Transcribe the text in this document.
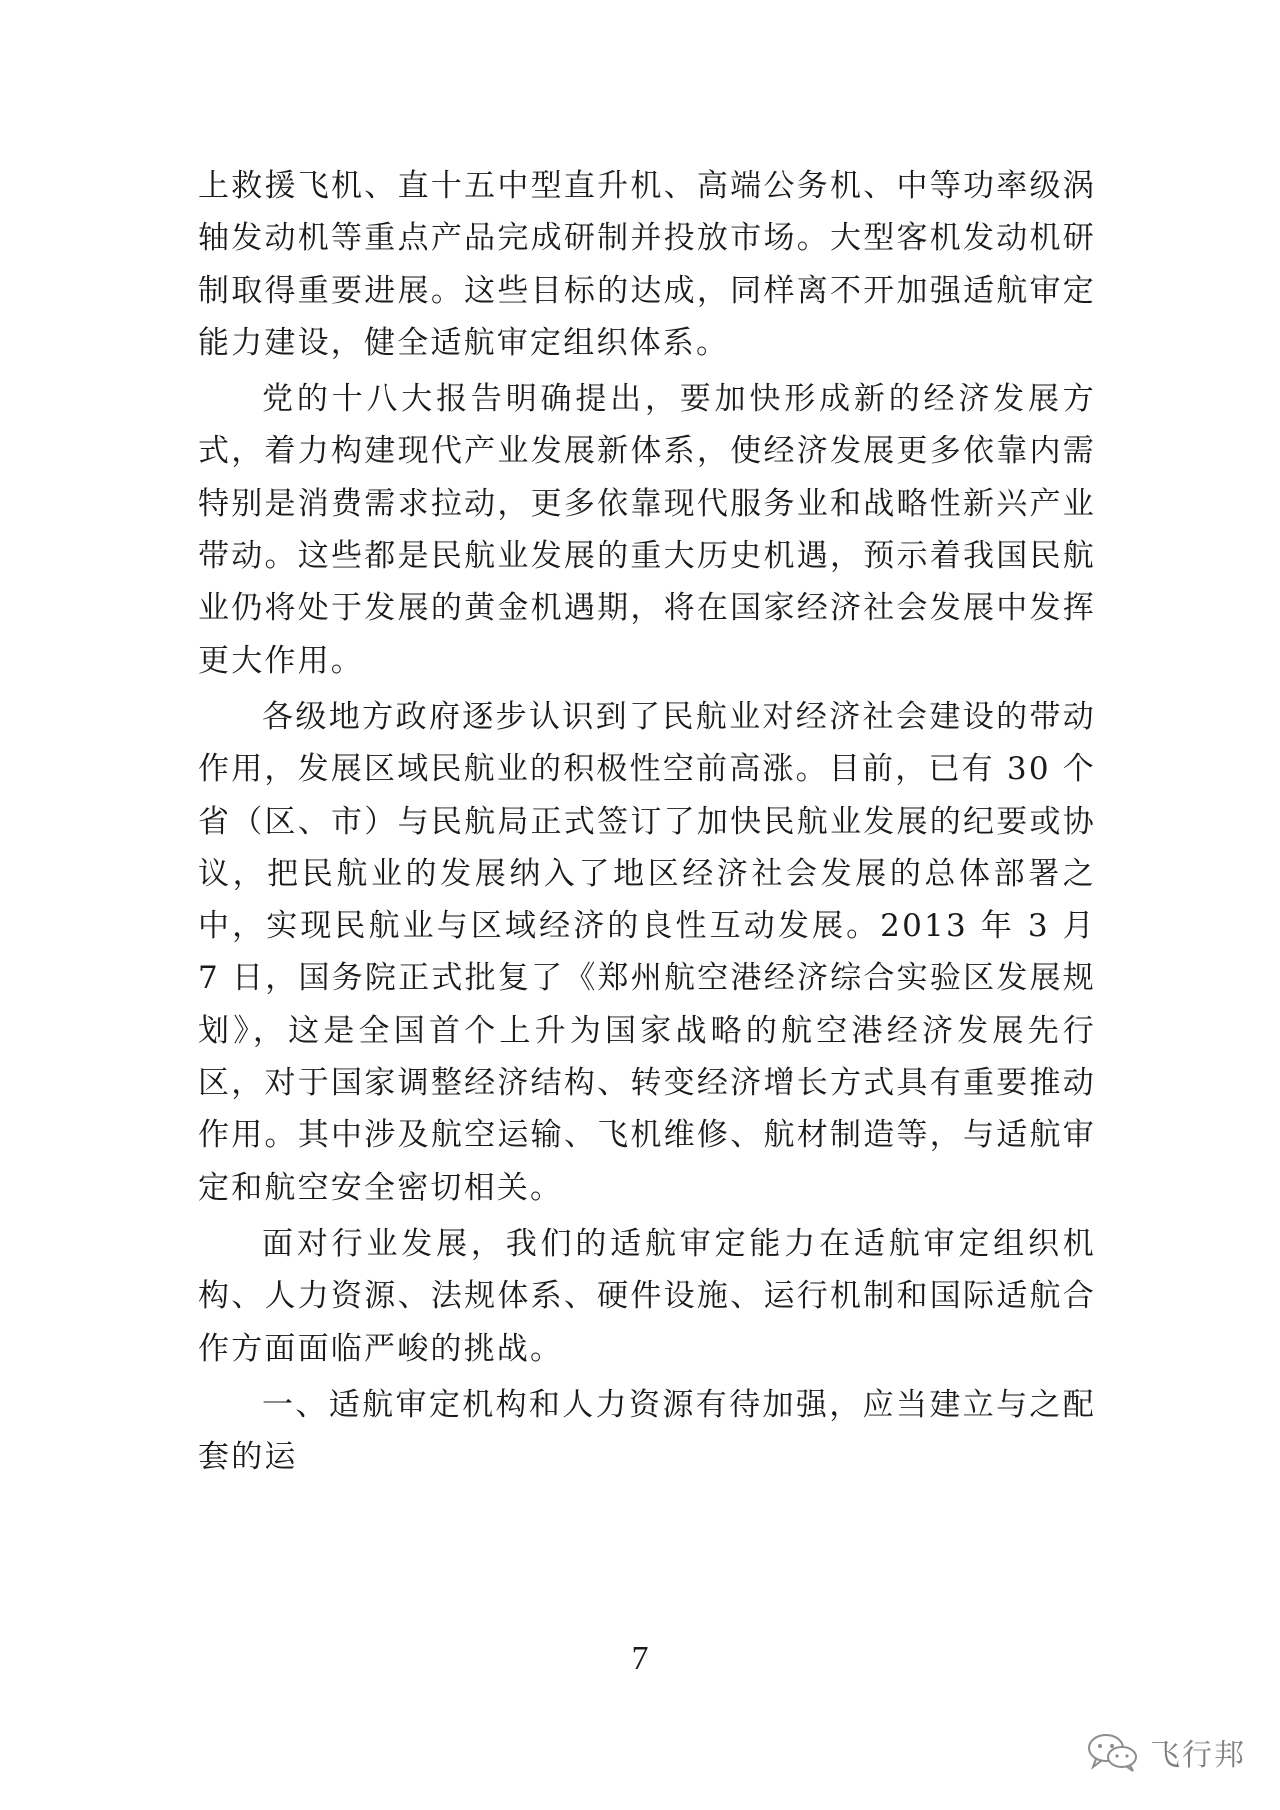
上救援飞机、直十五中型直升机、高端公务机、中等功率级涡轴发动机等重点产品完成研制并投放市场。大型客机发动机研制取得重要进展。这些目标的达成，同样离不开加强适航审定能力建设，健全适航审定组织体系。

党的十八大报告明确提出，要加快形成新的经济发展方式，着力构建现代产业发展新体系，使经济发展更多依靠内需特别是消费需求拉动，更多依靠现代服务业和战略性新兴产业带动。这些都是民航业发展的重大历史机遇，预示着我国民航业仍将处于发展的黄金机遇期，将在国家经济社会发展中发挥更大作用。

各级地方政府逐步认识到了民航业对经济社会建设的带动作用，发展区域民航业的积极性空前高涨。目前，已有 30 个省（区、市）与民航局正式签订了加快民航业发展的纪要或协议，把民航业的发展纳入了地区经济社会发展的总体部署之中，实现民航业与区域经济的良性互动发展。2013 年 3 月 7 日，国务院正式批复了《郑州航空港经济综合实验区发展规划》，这是全国首个上升为国家战略的航空港经济发展先行区，对于国家调整经济结构、转变经济增长方式具有重要推动作用。其中涉及航空运输、飞机维修、航材制造等，与适航审定和航空安全密切相关。

面对行业发展，我们的适航审定能力在适航审定组织机构、人力资源、法规体系、硬件设施、运行机制和国际适航合作方面面临严峻的挑战。

一、适航审定机构和人力资源有待加强，应当建立与之配套的运

7
飞行邦
